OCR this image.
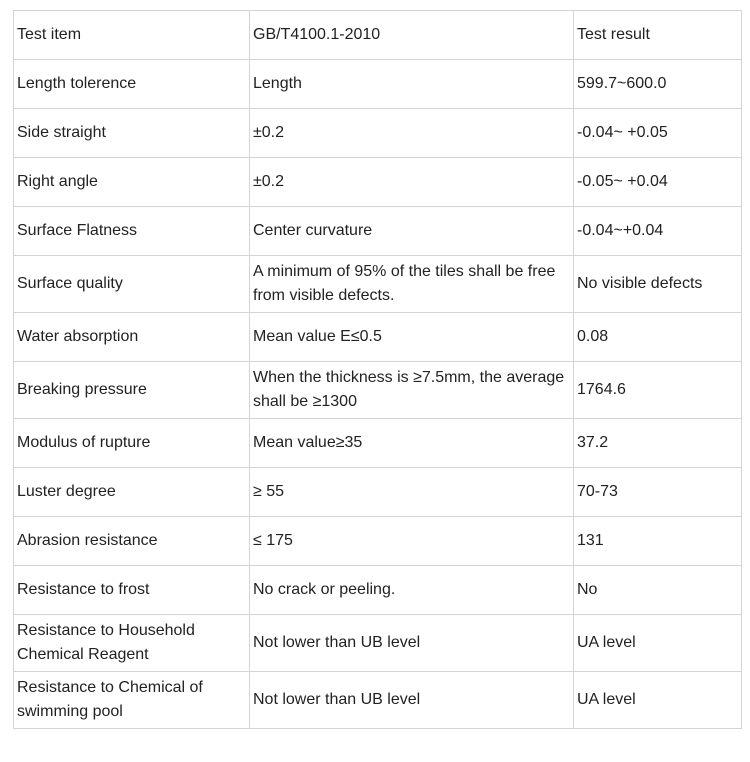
Test item	GB/T4100.1-2010	Test result
Length tolerence	Length	599.7~600.0
Side straight	±0.2	-0.04~ +0.05
Right angle	±0.2	-0.05~ +0.04
Surface Flatness	Center curvature	-0.04~+0.04
Surface quality	A minimum of 95% of the tiles shall be free from visible defects.	No visible defects
Water absorption	Mean value E≤0.5	0.08
Breaking pressure	When the thickness is ≥7.5mm, the average shall be ≥1300	1764.6
Modulus of rupture	Mean value≥35	37.2
Luster degree	≥ 55	70-73
Abrasion resistance	≤ 175	131
Resistance to frost	No crack or peeling.	No
Resistance to Household Chemical Reagent	Not lower than UB level	UA level
Resistance to Chemical of swimming pool	Not lower than UB level	UA level
